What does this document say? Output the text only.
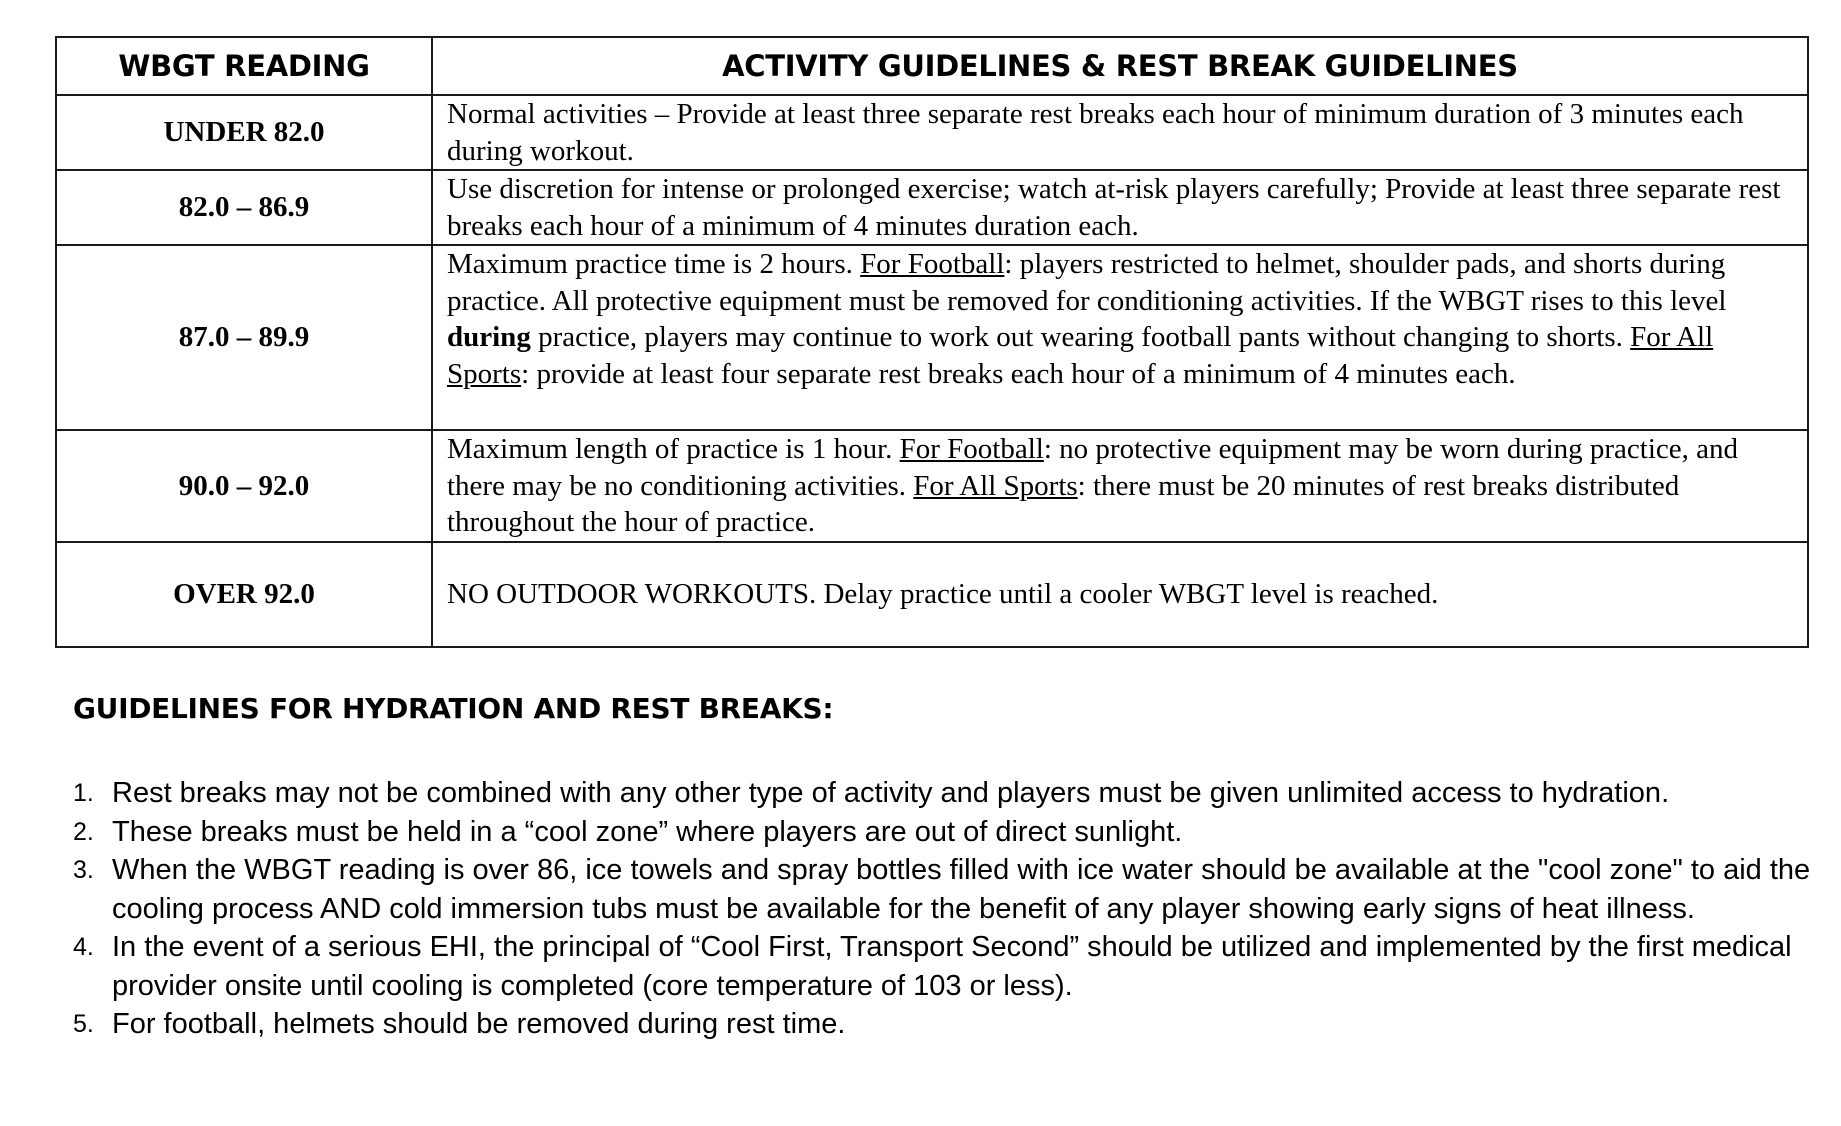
WBGT READING	ACTIVITY GUIDELINES & REST BREAK GUIDELINES
UNDER 82.0	Normal activities – Provide at least three separate rest breaks each hour of minimum duration of 3 minutes each during workout.
82.0 – 86.9	Use discretion for intense or prolonged exercise; watch at-risk players carefully; Provide at least three separate rest breaks each hour of a minimum of 4 minutes duration each.
87.0 – 89.9	Maximum practice time is 2 hours. For Football: players restricted to helmet, shoulder pads, and shorts during practice. All protective equipment must be removed for conditioning activities. If the WBGT rises to this level during practice, players may continue to work out wearing football pants without changing to shorts. For All Sports: provide at least four separate rest breaks each hour of a minimum of 4 minutes each.
90.0 – 92.0	Maximum length of practice is 1 hour. For Football: no protective equipment may be worn during practice, and there may be no conditioning activities. For All Sports: there must be 20 minutes of rest breaks distributed throughout the hour of practice.
OVER 92.0	NO OUTDOOR WORKOUTS. Delay practice until a cooler WBGT level is reached.
GUIDELINES FOR HYDRATION AND REST BREAKS:
1. Rest breaks may not be combined with any other type of activity and players must be given unlimited access to hydration.
2. These breaks must be held in a “cool zone” where players are out of direct sunlight.
3. When the WBGT reading is over 86, ice towels and spray bottles filled with ice water should be available at the "cool zone" to aid the cooling process AND cold immersion tubs must be available for the benefit of any player showing early signs of heat illness.
4. In the event of a serious EHI, the principal of “Cool First, Transport Second” should be utilized and implemented by the first medical provider onsite until cooling is completed (core temperature of 103 or less).
5. For football, helmets should be removed during rest time.
